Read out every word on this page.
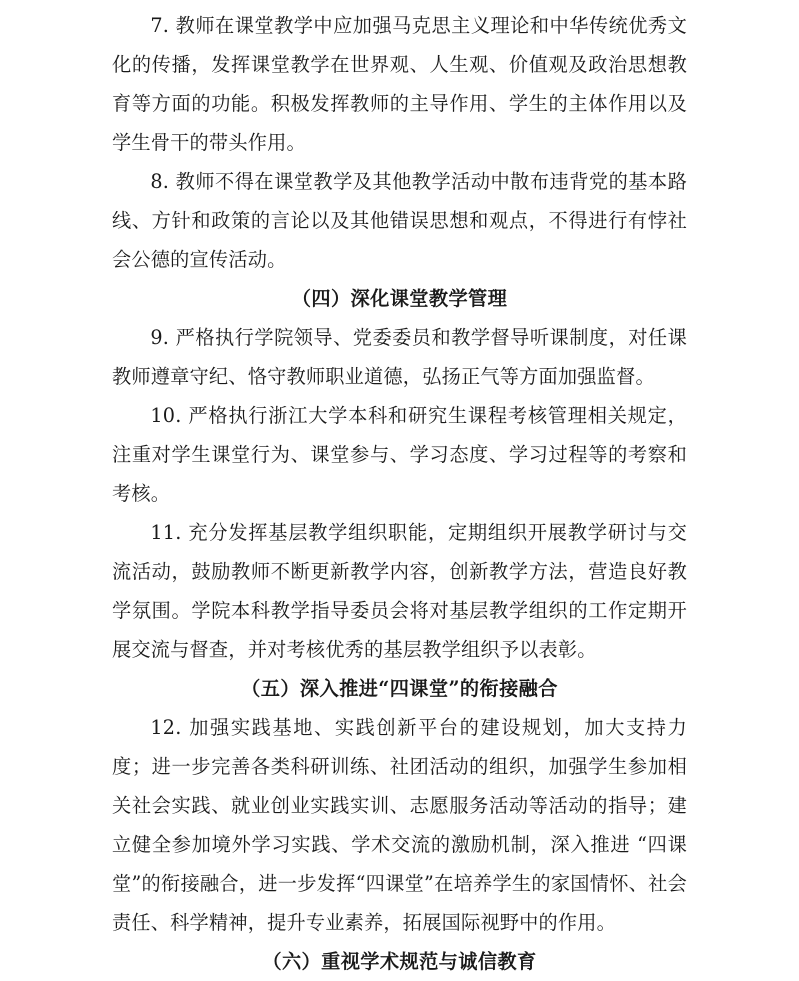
7. 教师在课堂教学中应加强马克思主义理论和中华传统优秀文化的传播，发挥课堂教学在世界观、人生观、价值观及政治思想教育等方面的功能。积极发挥教师的主导作用、学生的主体作用以及学生骨干的带头作用。

8. 教师不得在课堂教学及其他教学活动中散布违背党的基本路线、方针和政策的言论以及其他错误思想和观点，不得进行有悖社会公德的宣传活动。

（四）深化课堂教学管理

9. 严格执行学院领导、党委委员和教学督导听课制度，对任课教师遵章守纪、恪守教师职业道德，弘扬正气等方面加强监督。

10. 严格执行浙江大学本科和研究生课程考核管理相关规定，注重对学生课堂行为、课堂参与、学习态度、学习过程等的考察和考核。

11. 充分发挥基层教学组织职能，定期组织开展教学研讨与交流活动，鼓励教师不断更新教学内容，创新教学方法，营造良好教学氛围。学院本科教学指导委员会将对基层教学组织的工作定期开展交流与督查，并对考核优秀的基层教学组织予以表彰。

（五）深入推进“四课堂”的衔接融合

12. 加强实践基地、实践创新平台的建设规划，加大支持力度；进一步完善各类科研训练、社团活动的组织，加强学生参加相关社会实践、就业创业实践实训、志愿服务活动等活动的指导；建立健全参加境外学习实践、学术交流的激励机制，深入推进 “四课堂”的衔接融合，进一步发挥“四课堂”在培养学生的家国情怀、社会责任、科学精神，提升专业素养，拓展国际视野中的作用。

（六）重视学术规范与诚信教育
